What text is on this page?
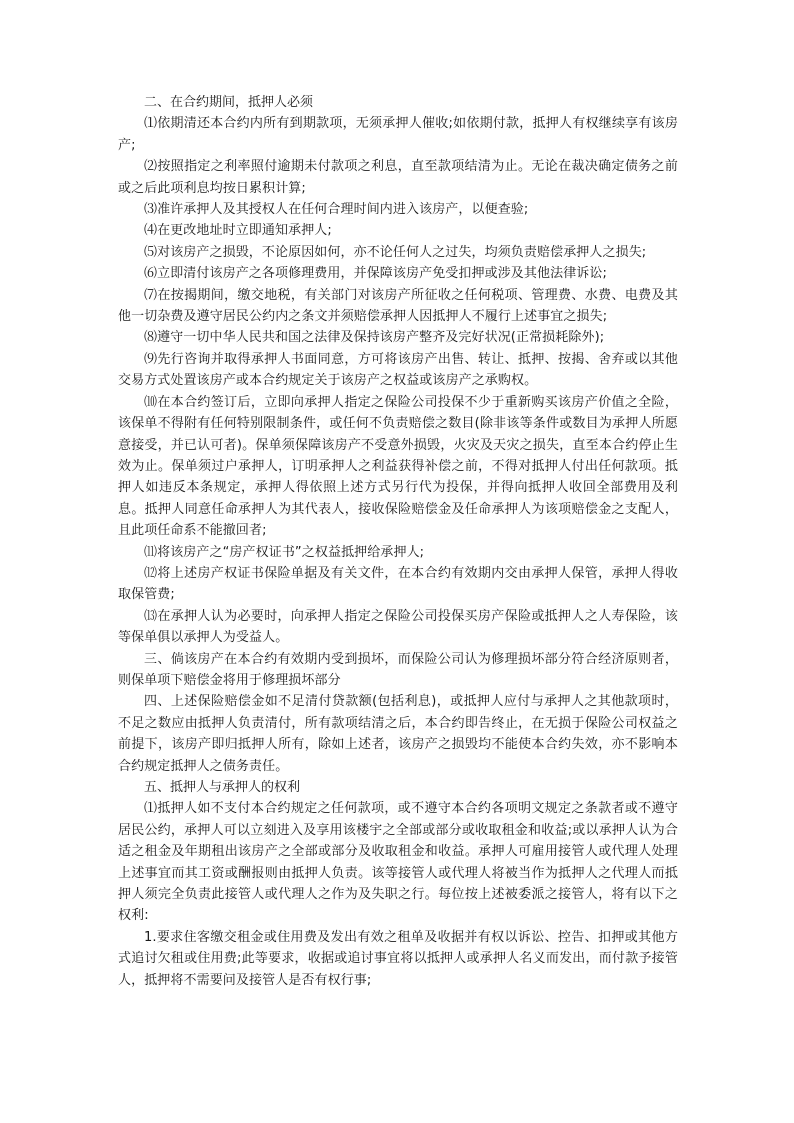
二、在合约期间，抵押人必须

⑴依期清还本合约内所有到期款项，无须承押人催收;如依期付款，抵押人有权继续享有该房产;

⑵按照指定之利率照付逾期未付款项之利息，直至款项结清为止。无论在裁决确定债务之前或之后此项利息均按日累积计算;

⑶准许承押人及其授权人在任何合理时间内进入该房产，以便查验;

⑷在更改地址时立即通知承押人;

⑸对该房产之损毁，不论原因如何，亦不论任何人之过失，均须负责赔偿承押人之损失;

⑹立即清付该房产之各项修理费用，并保障该房产免受扣押或涉及其他法律诉讼;

⑺在按揭期间，缴交地税，有关部门对该房产所征收之任何税项、管理费、水费、电费及其他一切杂费及遵守居民公约内之条文并须赔偿承押人因抵押人不履行上述事宜之损失;

⑻遵守一切中华人民共和国之法律及保持该房产整齐及完好状况(正常损耗除外);

⑼先行咨询并取得承押人书面同意，方可将该房产出售、转让、抵押、按揭、舍弃或以其他交易方式处置该房产或本合约规定关于该房产之权益或该房产之承购权。

⑽在本合约签订后，立即向承押人指定之保险公司投保不少于重新购买该房产价值之全险，该保单不得附有任何特别限制条件，或任何不负责赔偿之数目(除非该等条件或数目为承押人所愿意接受，并已认可者)。保单须保障该房产不受意外损毁，火灾及天灾之损失，直至本合约停止生效为止。保单须过户承押人，订明承押人之利益获得补偿之前，不得对抵押人付出任何款项。抵押人如违反本条规定，承押人得依照上述方式另行代为投保，并得向抵押人收回全部费用及利息。抵押人同意任命承押人为其代表人，接收保险赔偿金及任命承押人为该项赔偿金之支配人，且此项任命系不能撤回者;

⑾将该房产之“房产权证书”之权益抵押给承押人;

⑿将上述房产权证书保险单据及有关文件，在本合约有效期内交由承押人保管，承押人得收取保管费;

⒀在承押人认为必要时，向承押人指定之保险公司投保买房产保险或抵押人之人寿保险，该等保单俱以承押人为受益人。

三、倘该房产在本合约有效期内受到损坏，而保险公司认为修理损坏部分符合经济原则者，则保单项下赔偿金将用于修理损坏部分

四、上述保险赔偿金如不足清付贷款额(包括利息)，或抵押人应付与承押人之其他款项时，不足之数应由抵押人负责清付，所有款项结清之后，本合约即告终止，在无损于保险公司权益之前提下，该房产即归抵押人所有，除如上述者，该房产之损毁均不能使本合约失效，亦不影响本合约规定抵押人之债务责任。

五、抵押人与承押人的权利

⑴抵押人如不支付本合约规定之任何款项，或不遵守本合约各项明文规定之条款者或不遵守居民公约，承押人可以立刻进入及享用该楼宇之全部或部分或收取租金和收益;或以承押人认为合适之租金及年期租出该房产之全部或部分及收取租金和收益。承押人可雇用接管人或代理人处理上述事宜而其工资或酬报则由抵押人负责。该等接管人或代理人将被当作为抵押人之代理人而抵押人须完全负责此接管人或代理人之作为及失职之行。每位按上述被委派之接管人，将有以下之权利:

1.要求住客缴交租金或住用费及发出有效之租单及收据并有权以诉讼、控告、扣押或其他方式追讨欠租或住用费;此等要求，收据或追讨事宜将以抵押人或承押人名义而发出，而付款予接管人，抵押将不需要问及接管人是否有权行事;
